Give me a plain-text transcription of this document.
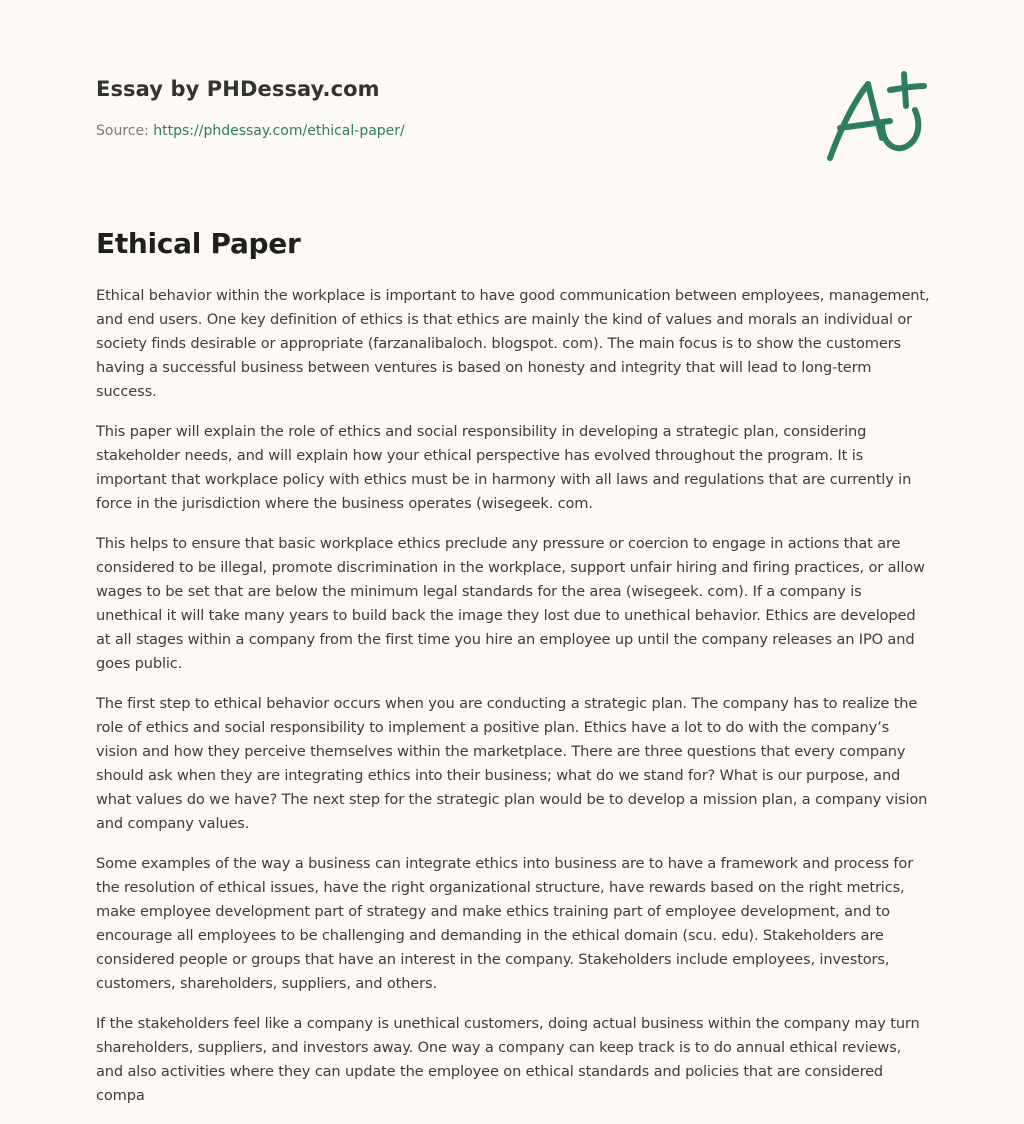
Essay by PHDessay.com
Source: https://phdessay.com/ethical-paper/
Ethical Paper

Ethical behavior within the workplace is important to have good communication between employees, management, and end users. One key definition of ethics is that ethics are mainly the kind of values and morals an individual or society finds desirable or appropriate (farzanalibaloch. blogspot. com). The main focus is to show the customers having a successful business between ventures is based on honesty and integrity that will lead to long-term success.

This paper will explain the role of ethics and social responsibility in developing a strategic plan, considering stakeholder needs, and will explain how your ethical perspective has evolved throughout the program. It is important that workplace policy with ethics must be in harmony with all laws and regulations that are currently in force in the jurisdiction where the business operates (wisegeek. com.

This helps to ensure that basic workplace ethics preclude any pressure or coercion to engage in actions that are considered to be illegal, promote discrimination in the workplace, support unfair hiring and firing practices, or allow wages to be set that are below the minimum legal standards for the area (wisegeek. com). If a company is unethical it will take many years to build back the image they lost due to unethical behavior. Ethics are developed at all stages within a company from the first time you hire an employee up until the company releases an IPO and goes public.

The first step to ethical behavior occurs when you are conducting a strategic plan. The company has to realize the role of ethics and social responsibility to implement a positive plan. Ethics have a lot to do with the company’s vision and how they perceive themselves within the marketplace. There are three questions that every company should ask when they are integrating ethics into their business; what do we stand for? What is our purpose, and what values do we have? The next step for the strategic plan would be to develop a mission plan, a company vision and company values.

Some examples of the way a business can integrate ethics into business are to have a framework and process for the resolution of ethical issues, have the right organizational structure, have rewards based on the right metrics, make employee development part of strategy and make ethics training part of employee development, and to encourage all employees to be challenging and demanding in the ethical domain (scu. edu). Stakeholders are considered people or groups that have an interest in the company. Stakeholders include employees, investors, customers, shareholders, suppliers, and others.

If the stakeholders feel like a company is unethical customers, doing actual business within the company may turn shareholders, suppliers, and investors away. One way a company can keep track is to do annual ethical reviews, and also activities where they can update the employee on ethical standards and policies that are considered compa
